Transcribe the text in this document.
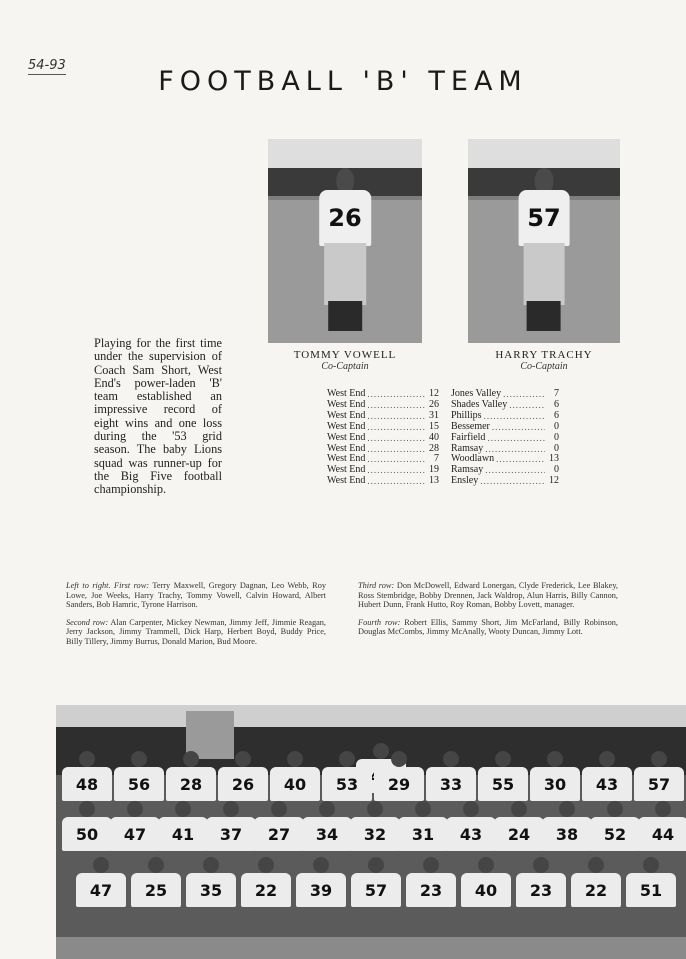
54-93
FOOTBALL 'B' TEAM
26
TOMMY VOWELL
Co-Captain
57
HARRY TRACHY
Co-Captain
Playing for the first time under the supervision of Coach Sam Short, West End's power-laden 'B' team established an impressive record of eight wins and one loss during the '53 grid season. The baby Lions squad was runner-up for the Big Five football championship.
West End .....	12 Jones Valley .....	7
West End .....	26 Shades Valley .....	6
West End .....	31 Phillips .....	6
West End .....	15 Bessemer .....	0
West End .....	40 Fairfield .....	0
West End .....	28 Ramsay .....	0
West End .....	7 Woodlawn .....	13
West End .....	19 Ramsay .....	0
West End .....	13 Ensley .....	12

Left to right. First row: Terry Maxwell, Gregory Dagnan, Leo Webb, Roy Lowe, Joe Weeks, Harry Trachy, Tommy Vowell, Calvin Howard, Albert Sanders, Bob Hamric, Tyrone Harrison.

Second row: Alan Carpenter, Mickey Newman, Jimmy Jeff, Jimmie Reagan, Jerry Jackson, Jimmy Trammell, Dick Harp, Herbert Boyd, Buddy Price, Billy Tillery, Jimmy Burrus, Donald Marion, Bud Moore.

Third row: Don McDowell, Edward Lonergan, Clyde Frederick, Lee Blakey, Ross Stembridge, Bobby Drennen, Jack Waldrop, Alun Harris, Billy Cannon, Hubert Dunn, Frank Hutto, Roy Roman, Bobby Lovett, manager.

Fourth row: Robert Ellis, Sammy Short, Jim McFarland, Billy Robinson, Douglas McCombs, Jimmy McAnally, Wooty Duncan, Jimmy Lott.

48	56	28	26	40	53	29	33	55	30	43	57
50	47	41	37	27	34	32	31	43	24	38	52	44
47	25	35	22	39	57	23	40	23	22	51
